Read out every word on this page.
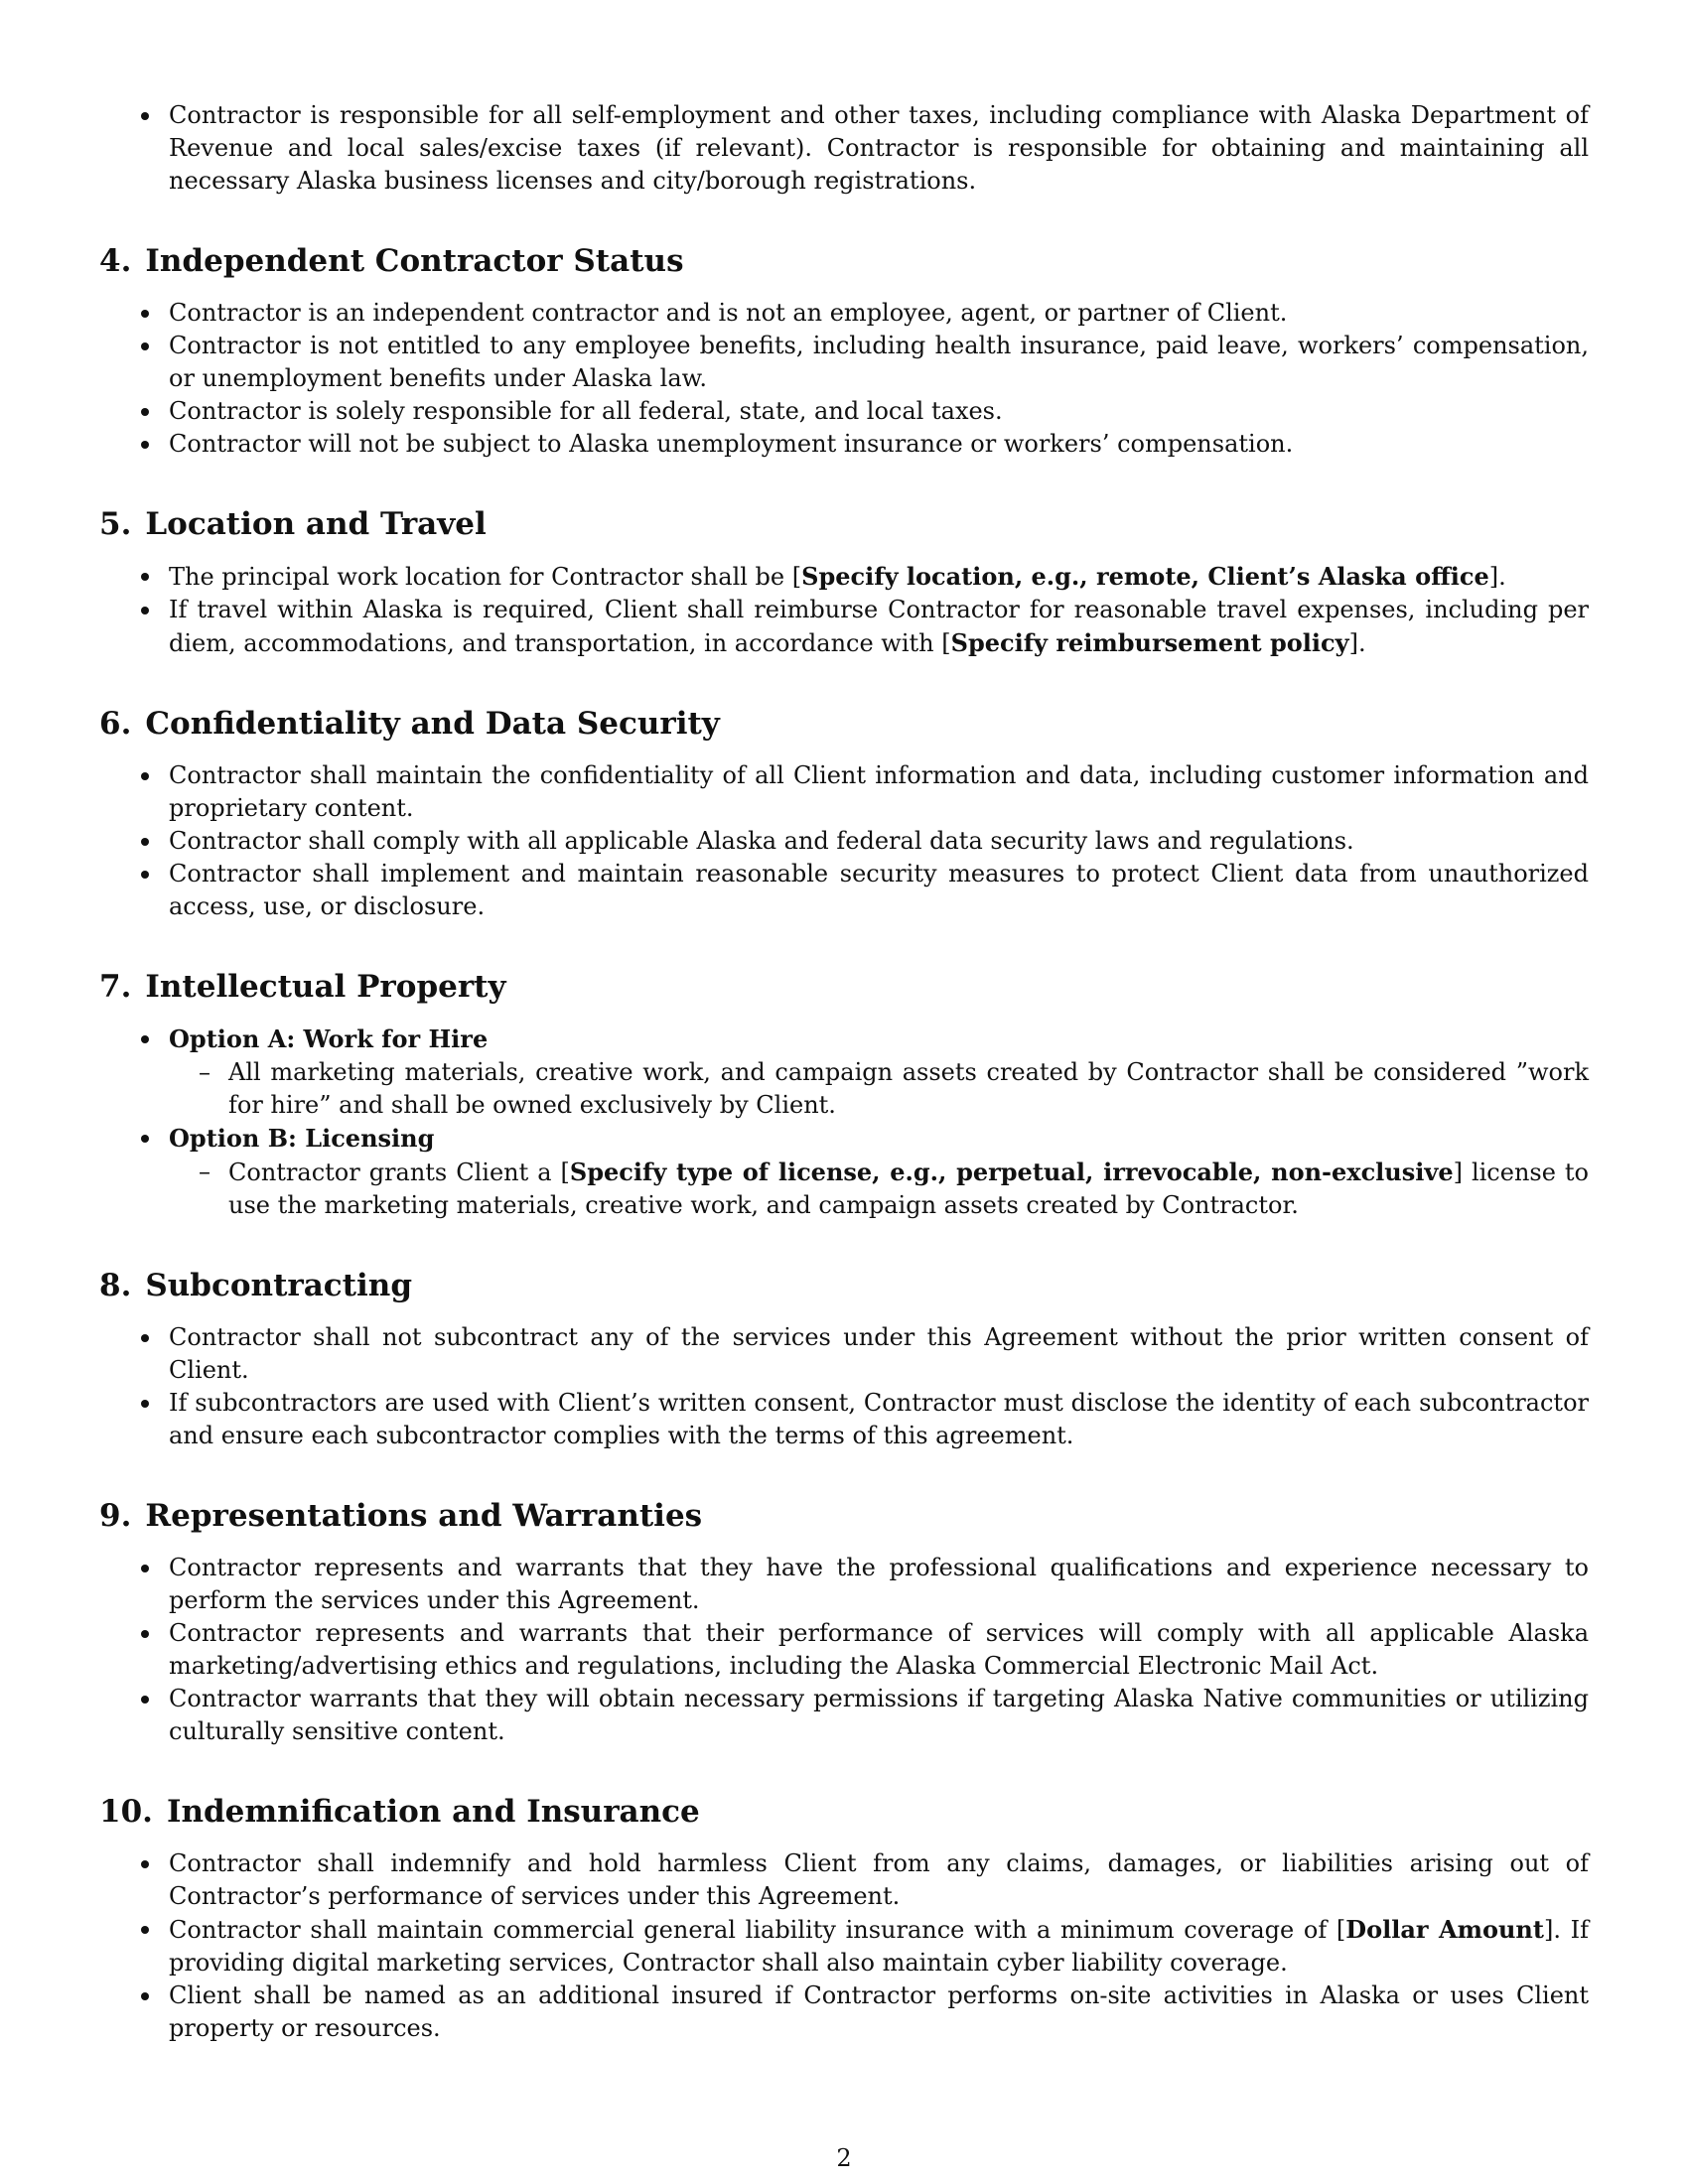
Contractor is responsible for all self-employment and other taxes, including compliance with Alaska Department of Revenue and local sales/excise taxes (if relevant). Contractor is responsible for obtaining and maintaining all necessary Alaska business licenses and city/borough registrations.
4. Independent Contractor Status
Contractor is an independent contractor and is not an employee, agent, or partner of Client.
Contractor is not entitled to any employee benefits, including health insurance, paid leave, workers’ compensation, or unemployment benefits under Alaska law.
Contractor is solely responsible for all federal, state, and local taxes.
Contractor will not be subject to Alaska unemployment insurance or workers’ compensation.
5. Location and Travel
The principal work location for Contractor shall be [Specify location, e.g., remote, Client’s Alaska office].
If travel within Alaska is required, Client shall reimburse Contractor for reasonable travel expenses, including per diem, accommodations, and transportation, in accordance with [Specify reimbursement policy].
6. Confidentiality and Data Security
Contractor shall maintain the confidentiality of all Client information and data, including customer information and proprietary content.
Contractor shall comply with all applicable Alaska and federal data security laws and regulations.
Contractor shall implement and maintain reasonable security measures to protect Client data from unauthorized access, use, or disclosure.
7. Intellectual Property
Option A: Work for Hire
– All marketing materials, creative work, and campaign assets created by Contractor shall be considered ”work for hire” and shall be owned exclusively by Client.
Option B: Licensing
– Contractor grants Client a [Specify type of license, e.g., perpetual, irrevocable, non-exclusive] license to use the marketing materials, creative work, and campaign assets created by Contractor.
8. Subcontracting
Contractor shall not subcontract any of the services under this Agreement without the prior written consent of Client.
If subcontractors are used with Client’s written consent, Contractor must disclose the identity of each subcontractor and ensure each subcontractor complies with the terms of this agreement.
9. Representations and Warranties
Contractor represents and warrants that they have the professional qualifications and experience necessary to perform the services under this Agreement.
Contractor represents and warrants that their performance of services will comply with all applicable Alaska marketing/advertising ethics and regulations, including the Alaska Commercial Electronic Mail Act.
Contractor warrants that they will obtain necessary permissions if targeting Alaska Native communities or utilizing culturally sensitive content.
10. Indemnification and Insurance
Contractor shall indemnify and hold harmless Client from any claims, damages, or liabilities arising out of Contractor’s performance of services under this Agreement.
Contractor shall maintain commercial general liability insurance with a minimum coverage of [Dollar Amount]. If providing digital marketing services, Contractor shall also maintain cyber liability coverage.
Client shall be named as an additional insured if Contractor performs on-site activities in Alaska or uses Client property or resources.
2
